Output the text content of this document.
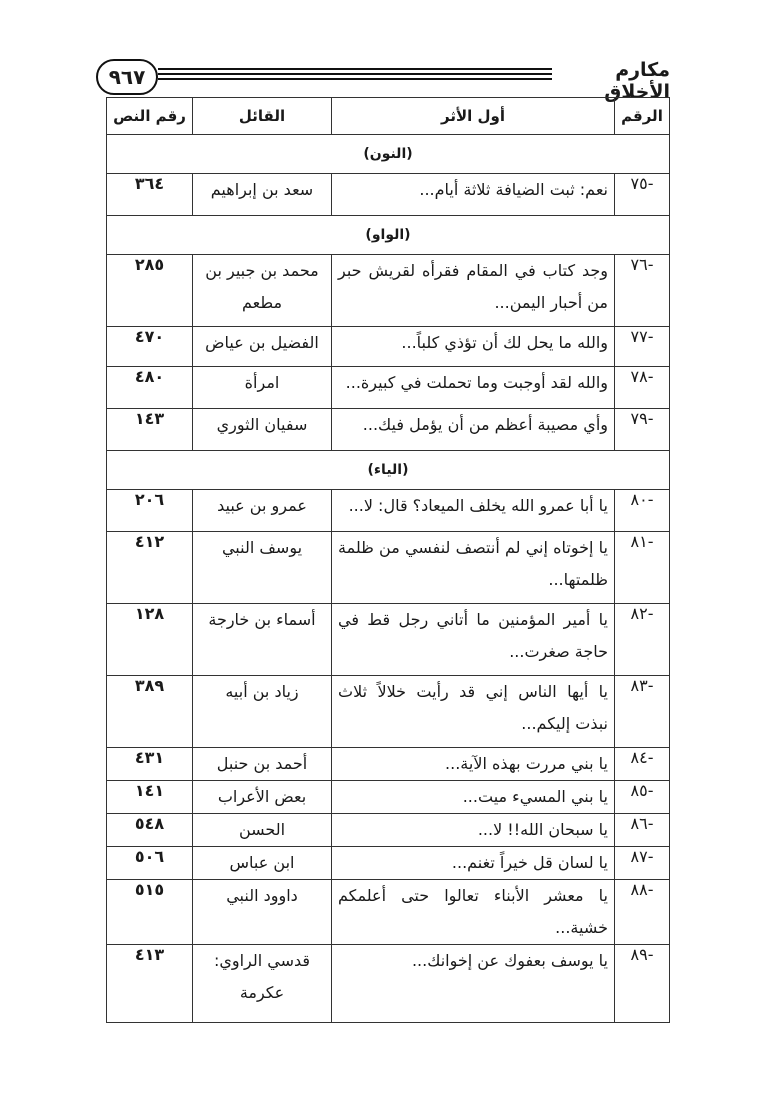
٩٦٧	مكارم الأخلاق
الرقم	أول الأثر	القائل	رقم النص
(النون)			
-٧٥	نعم: ثبت الضيافة ثلاثة أيام...	سعد بن إبراهيم	٣٦٤
(الواو)			
-٧٦	وجد كتاب في المقام فقرأه لقريش حبر من أحبار اليمن...	محمد بن جبير بن مطعم	٢٨٥
-٧٧	والله ما يحل لك أن تؤذي كلباً...	الفضيل بن عياض	٤٧٠
-٧٨	والله لقد أوجبت وما تحملت في كبيرة...	امرأة	٤٨٠
-٧٩	وأي مصيبة أعظم من أن يؤمل فيك...	سفيان الثوري	١٤٣
(الياء)			
-٨٠	يا أبا عمرو الله يخلف الميعاد؟ قال: لا...	عمرو بن عبيد	٢٠٦
-٨١	يا إخوتاه إني لم أنتصف لنفسي من ظلمة ظلمتها...	يوسف النبي	٤١٢
-٨٢	يا أمير المؤمنين ما أتاني رجل قط في حاجة صغرت...	أسماء بن خارجة	١٢٨
-٨٣	يا أيها الناس إني قد رأيت خلالاً ثلاث نبذت إليكم...	زياد بن أبيه	٣٨٩
-٨٤	يا بني مررت بهذه الآية...	أحمد بن حنبل	٤٣١
-٨٥	يا بني المسيء ميت...	بعض الأعراب	١٤١
-٨٦	يا سبحان الله!! لا...	الحسن	٥٤٨
-٨٧	يا لسان قل خيراً تغنم...	ابن عباس	٥٠٦
-٨٨	يا معشر الأبناء تعالوا حتى أعلمكم خشية...	داوود النبي	٥١٥
-٨٩	يا يوسف بعفوك عن إخوانك...	قدسي الراوي: عكرمة	٤١٣
